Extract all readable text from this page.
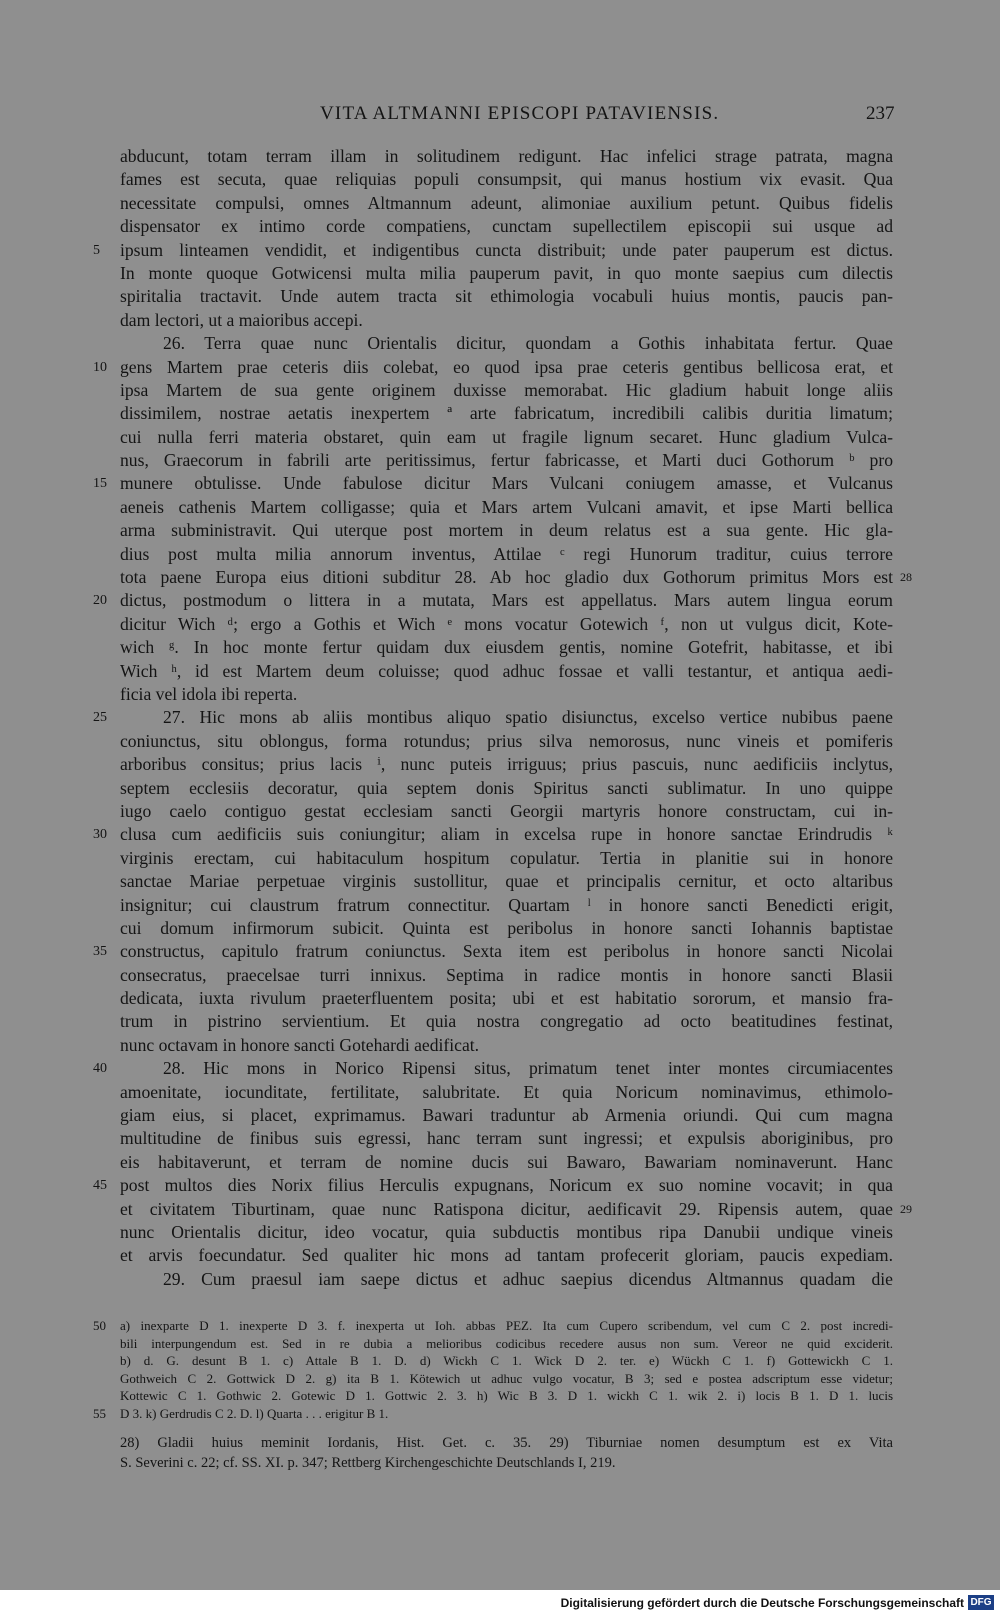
VITA ALTMANNI EPISCOPI PATAVIENSIS.	237
abducunt, totam terram illam in solitudinem redigunt. Hac infelici strage patrata, magna
fames est secuta, quae reliquias populi consumpsit, qui manus hostium vix evasit. Qua
necessitate compulsi, omnes Altmannum adeunt, alimoniae auxilium petunt. Quibus fidelis
dispensator ex intimo corde compatiens, cunctam supellectilem episcopii sui usque ad
5 ipsum linteamen vendidit, et indigentibus cuncta distribuit; unde pater pauperum est dictus.
In monte quoque Gotwicensi multa milia pauperum pavit, in quo monte saepius cum dilectis
spiritalia tractavit. Unde autem tracta sit ethimologia vocabuli huius montis, paucis pan-
dam lectori, ut a maioribus accepi.
26. Terra quae nunc Orientalis dicitur, quondam a Gothis inhabitata fertur. Quae
10 gens Martem prae ceteris diis colebat, eo quod ipsa prae ceteris gentibus bellicosa erat, et
ipsa Martem de sua gente originem duxisse memorabat. Hic gladium habuit longe aliis
dissimilem, nostrae aetatis inexpertem ª arte fabricatum, incredibili calibis duritia limatum;
cui nulla ferri materia obstaret, quin eam ut fragile lignum secaret. Hunc gladium Vulca-
nus, Graecorum in fabrili arte peritissimus, fertur fabricasse, et Marti duci Gothorum ᵇ pro
15 munere obtulisse. Unde fabulose dicitur Mars Vulcani coniugem amasse, et Vulcanus
aeneis cathenis Martem colligasse; quia et Mars artem Vulcani amavit, et ipse Marti bellica
arma subministravit. Qui uterque post mortem in deum relatus est a sua gente. Hic gla-
dius post multa milia annorum inventus, Attilae ᶜ regi Hunorum traditur, cuius terrore
tota paene Europa eius ditioni subditur 28. Ab hoc gladio dux Gothorum primitus Mors est 28
20 dictus, postmodum o littera in a mutata, Mars est appellatus. Mars autem lingua eorum
dicitur Wich ᵈ; ergo a Gothis et Wich ᵉ mons vocatur Gotewich ᶠ, non ut vulgus dicit, Kote-
wich ᵍ. In hoc monte fertur quidam dux eiusdem gentis, nomine Gotefrit, habitasse, et ibi
Wich ʰ, id est Martem deum coluisse; quod adhuc fossae et valli testantur, et antiqua aedi-
ficia vel idola ibi reperta.
25	27. Hic mons ab aliis montibus aliquo spatio disiunctus, excelso vertice nubibus paene
coniunctus, situ oblongus, forma rotundus; prius silva nemorosus, nunc vineis et pomiferis
arboribus consitus; prius lacis ⁱ, nunc puteis irriguus; prius pascuis, nunc aedificiis inclytus,
septem ecclesiis decoratur, quia septem donis Spiritus sancti sublimatur. In uno quippe
iugo caelo contiguo gestat ecclesiam sancti Georgii martyris honore constructam, cui in-
30 clusa cum aedificiis suis coniungitur; aliam in excelsa rupe in honore sanctae Erindrudis ᵏ
virginis erectam, cui habitaculum hospitum copulatur. Tertia in planitie sui in honore
sanctae Mariae perpetuae virginis sustollitur, quae et principalis cernitur, et octo altaribus
insignitur; cui claustrum fratrum connectitur. Quartam ˡ in honore sancti Benedicti erigit,
cui domum infirmorum subicit. Quinta est peribolus in honore sancti Iohannis baptistae
35 constructus, capitulo fratrum coniunctus. Sexta item est peribolus in honore sancti Nicolai
consecratus, praecelsae turri innixus. Septima in radice montis in honore sancti Blasii
dedicata, iuxta rivulum praeterfluentem posita; ubi et est habitatio sororum, et mansio fra-
trum in pistrino servientium. Et quia nostra congregatio ad octo beatitudines festinat,
nunc octavam in honore sancti Gotehardi aedificat.
40	28. Hic mons in Norico Ripensi situs, primatum tenet inter montes circumiacentes
amoenitate, iocunditate, fertilitate, salubritate. Et quia Noricum nominavimus, ethimolo-
giam eius, si placet, exprimamus. Bawari traduntur ab Armenia oriundi. Qui cum magna
multitudine de finibus suis egressi, hanc terram sunt ingressi; et expulsis aboriginibus, pro
eis habitaverunt, et terram de nomine ducis sui Bawaro, Bawariam nominaverunt. Hanc
45 post multos dies Norix filius Herculis expugnans, Noricum ex suo nomine vocavit; in qua
et civitatem Tiburtinam, quae nunc Ratispona dicitur, aedificavit 29. Ripensis autem, quae 29
nunc Orientalis dicitur, ideo vocatur, quia subductis montibus ripa Danubii undique vineis
et arvis foecundatur. Sed qualiter hic mons ad tantam profecerit gloriam, paucis expediam.
29. Cum praesul iam saepe dictus et adhuc saepius dicendus Altmannus quadam die
50 a) inexparte D 1. inexperte D 3. f. inexperta ut Ioh. abbas PEZ. Ita cum Cupero scribendum, vel cum C 2. post incredi-
bili interpungendum est. Sed in re dubia a melioribus codicibus recedere ausus non sum. Vereor ne quid exciderit.
b) d. G. desunt B 1. c) Attale B 1. D. d) Wickh C 1. Wick D 2. ter. e) Wückh C 1. f) Gottewickh C 1.
Gothweich C 2. Gottwick D 2. g) ita B 1. Kötewich ut adhuc vulgo vocatur, B 3; sed e postea adscriptum esse videtur;
Kottewic C 1. Gothwic 2. Gotewic D 1. Gottwic 2. 3. h) Wic B 3. D 1. wickh C 1. wik 2. i) locis B 1. D 1. lucis
55 D 3. k) Gerdrudis C 2. D. l) Quarta . . . erigitur B 1.
28) Gladii huius meminit Iordanis, Hist. Get. c. 35. 29) Tiburniae nomen desumptum est ex Vita
S. Severini c. 22; cf. SS. XI. p. 347; Rettberg Kirchengeschichte Deutschlands I, 219.
Digitalisierung gefördert durch die Deutsche Forschungsgemeinschaft DFG
